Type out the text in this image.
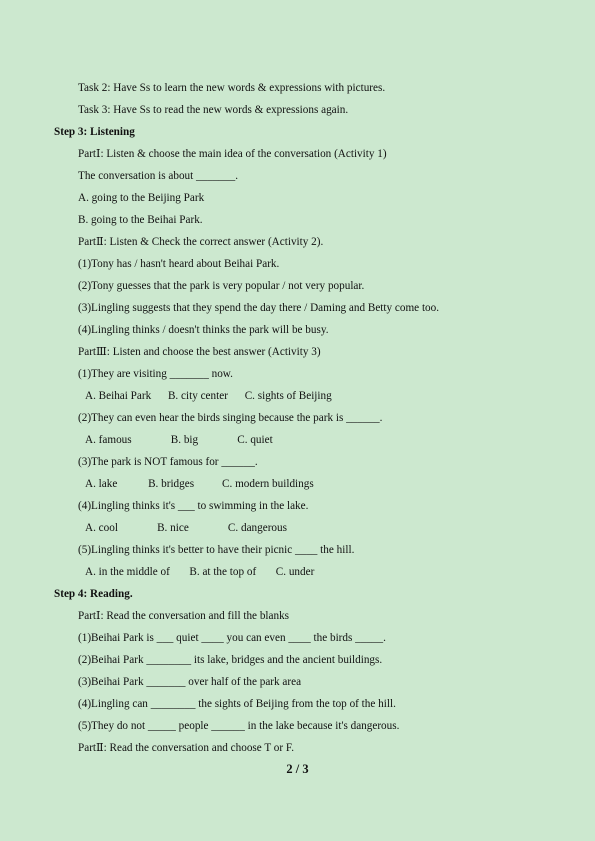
Task 2: Have Ss to learn the new words & expressions with pictures.
Task 3: Have Ss to read the new words & expressions again.
Step 3: Listening
PartⅠ: Listen & choose the main idea of the conversation (Activity 1)
The conversation is about _______.
A. going to the Beijing Park
B. going to the Beihai Park.
PartⅡ: Listen & Check the correct answer (Activity 2).
(1)Tony has / hasn't heard about Beihai Park.
(2)Tony guesses that the park is very popular / not very popular.
(3)Lingling suggests that they spend the day there / Daming and Betty come too.
(4)Lingling thinks / doesn't thinks the park will be busy.
PartⅢ: Listen and choose the best answer (Activity 3)
(1)They are visiting _______ now.
A. Beihai Park      B. city center      C. sights of Beijing
(2)They can even hear the birds singing because the park is ______.
A. famous              B. big              C. quiet
(3)The park is NOT famous for ______.
A. lake           B. bridges          C. modern buildings
(4)Lingling thinks it's ___ to swimming in the lake.
A. cool              B. nice              C. dangerous
(5)Lingling thinks it's better to have their picnic ____ the hill.
A. in the middle of       B. at the top of       C. under
Step 4: Reading.
PartⅠ: Read the conversation and fill the blanks
(1)Beihai Park is ___ quiet ____ you can even ____ the birds _____.
(2)Beihai Park ________ its lake, bridges and the ancient buildings.
(3)Beihai Park _______ over half of the park area
(4)Lingling can ________ the sights of Beijing from the top of the hill.
(5)They do not _____ people ______ in the lake because it's dangerous.
PartⅡ: Read the conversation and choose T or F.
2 / 3
